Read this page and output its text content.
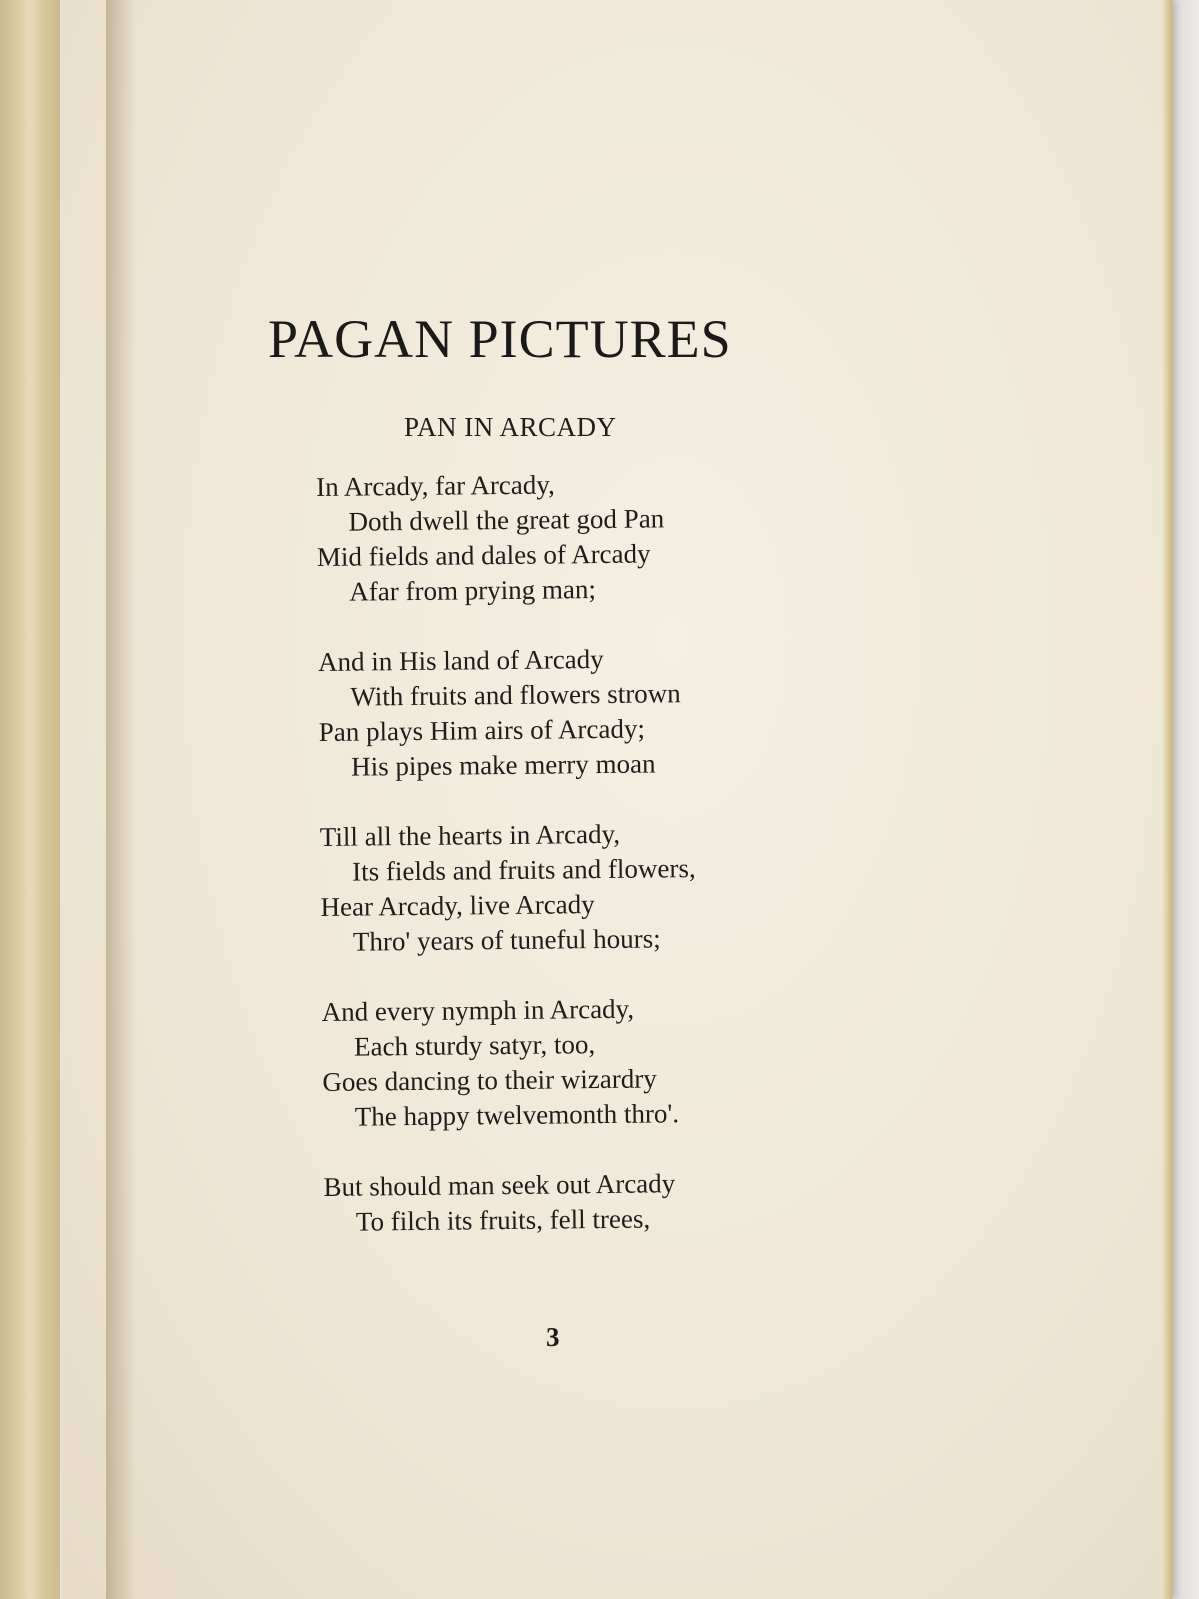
PAGAN PICTURES
PAN IN ARCADY
In Arcady, far Arcady,
Doth dwell the great god Pan
Mid fields and dales of Arcady
Afar from prying man;
And in His land of Arcady
With fruits and flowers strown
Pan plays Him airs of Arcady;
His pipes make merry moan
Till all the hearts in Arcady,
Its fields and fruits and flowers,
Hear Arcady, live Arcady
Thro' years of tuneful hours;
And every nymph in Arcady,
Each sturdy satyr, too,
Goes dancing to their wizardry
The happy twelvemonth thro'.
But should man seek out Arcady
To filch its fruits, fell trees,
3
